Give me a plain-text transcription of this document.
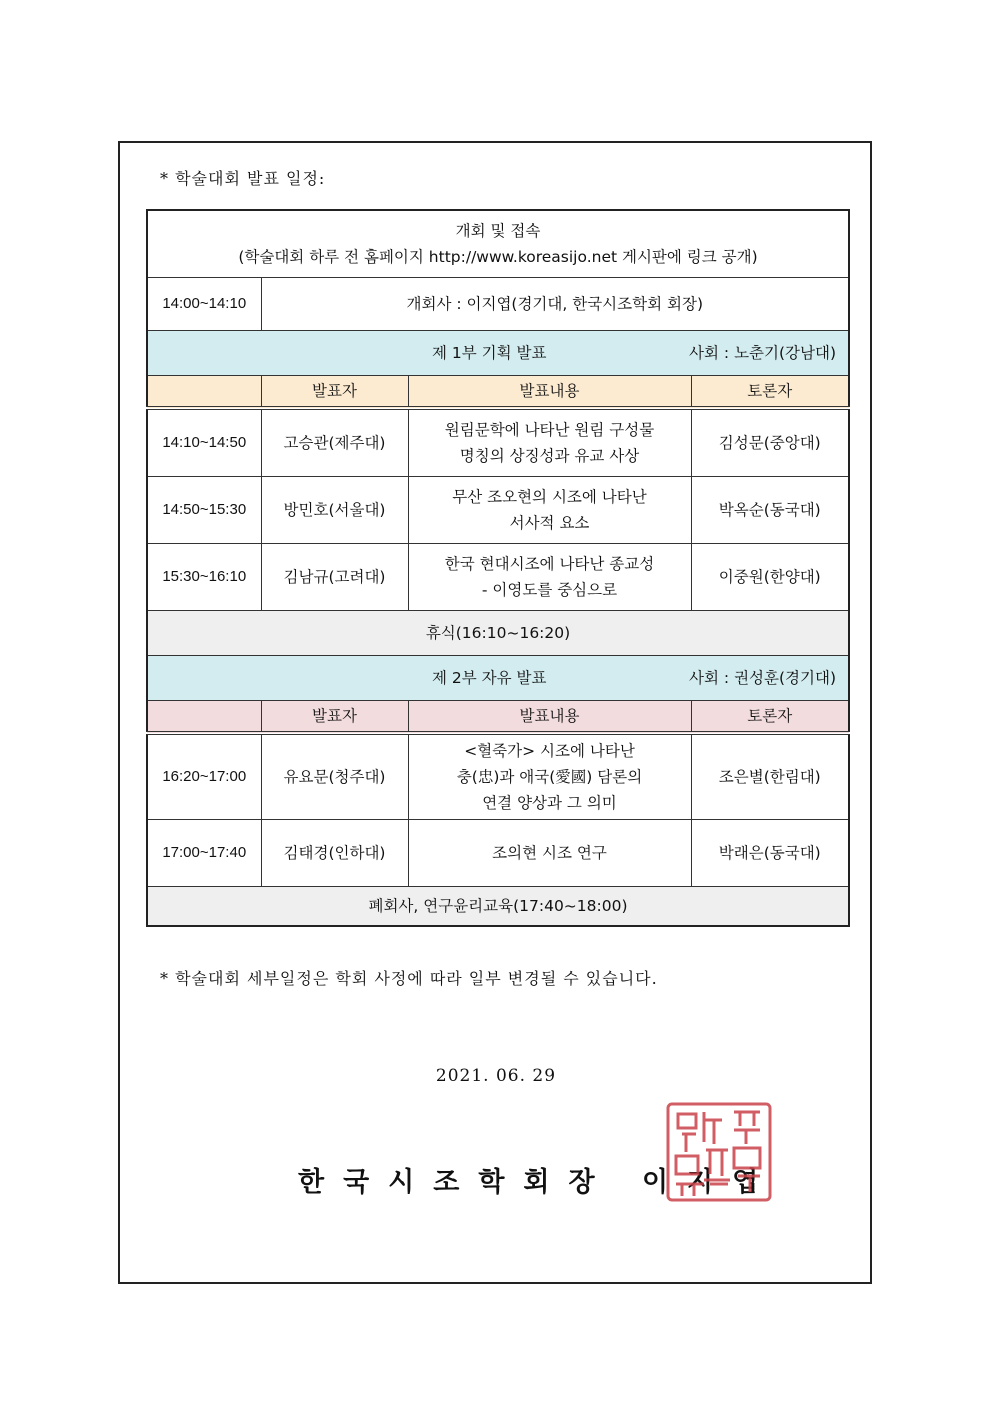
* 학술대회 발표 일정:
개회 및 접속
(학술대회 하루 전 홈페이지 http://www.koreasijo.net 게시판에 링크 공개)			

14:00~14:10	개회사 : 이지엽(경기대, 한국시조학회 회장)		

제 1부 기획 발표 사회 : 노춘기(강남대)			

	발표자	발표내용	토론자
14:10~14:50	고승관(제주대)	원림문학에 나타난 원림 구성물
명칭의 상징성과 유교 사상	김성문(중앙대)
14:50~15:30	방민호(서울대)	무산 조오현의 시조에 나타난
서사적 요소	박옥순(동국대)
15:30~16:10	김남규(고려대)	한국 현대시조에 나타난 종교성
- 이영도를 중심으로	이중원(한양대)
휴식(16:10~16:20)			

제 2부 자유 발표 사회 : 권성훈(경기대)			

	발표자	발표내용	토론자
16:20~17:00	유요문(청주대)	<혈죽가> 시조에 나타난
충(忠)과 애국(愛國) 담론의
연결 양상과 그 의미	조은별(한림대)
17:00~17:40	김태경(인하대)	조의현 시조 연구	박래은(동국대)
폐회사, 연구윤리교육(17:40~18:00)			
* 학술대회 세부일정은 학회 사정에 따라 일부 변경될 수 있습니다.
2021. 06. 29
한국시조학회장 이지엽
